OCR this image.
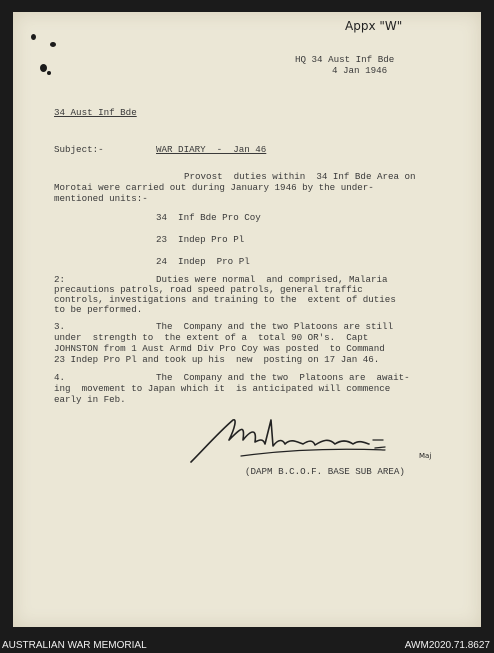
Appx "W"
HQ 34 Aust Inf Bde
4 Jan 1946
34 Aust Inf Bde
Subject:-	WAR DIARY  -  Jan 46
Provost  duties within  34 Inf Bde Area on
Morotai were carried out during January 1946 by the under-
mentioned units:-
34  Inf Bde Pro Coy
23  Indep Pro Pl
24  Indep  Pro Pl
2:	Duties were normal  and comprised, Malaria
precautions patrols, road speed patrols, general traffic
controls, investigations and training to the  extent of duties
to be performed.
3.	The  Company and the two Platoons are still
under  strength to  the extent of a  total 90 OR's.  Capt
JOHNSTON from 1 Aust Armd Div Pro Coy was posted  to Command
23 Indep Pro Pl and took up his  new  posting on 17 Jan 46.
4.	The  Company and the two  Platoons are  await-
ing  movement to Japan which it  is anticipated will commence
early in Feb.
Maj
(DAPM B.C.O.F. BASE SUB AREA)
AUSTRALIAN WAR MEMORIAL	AWM2020.71.8627
